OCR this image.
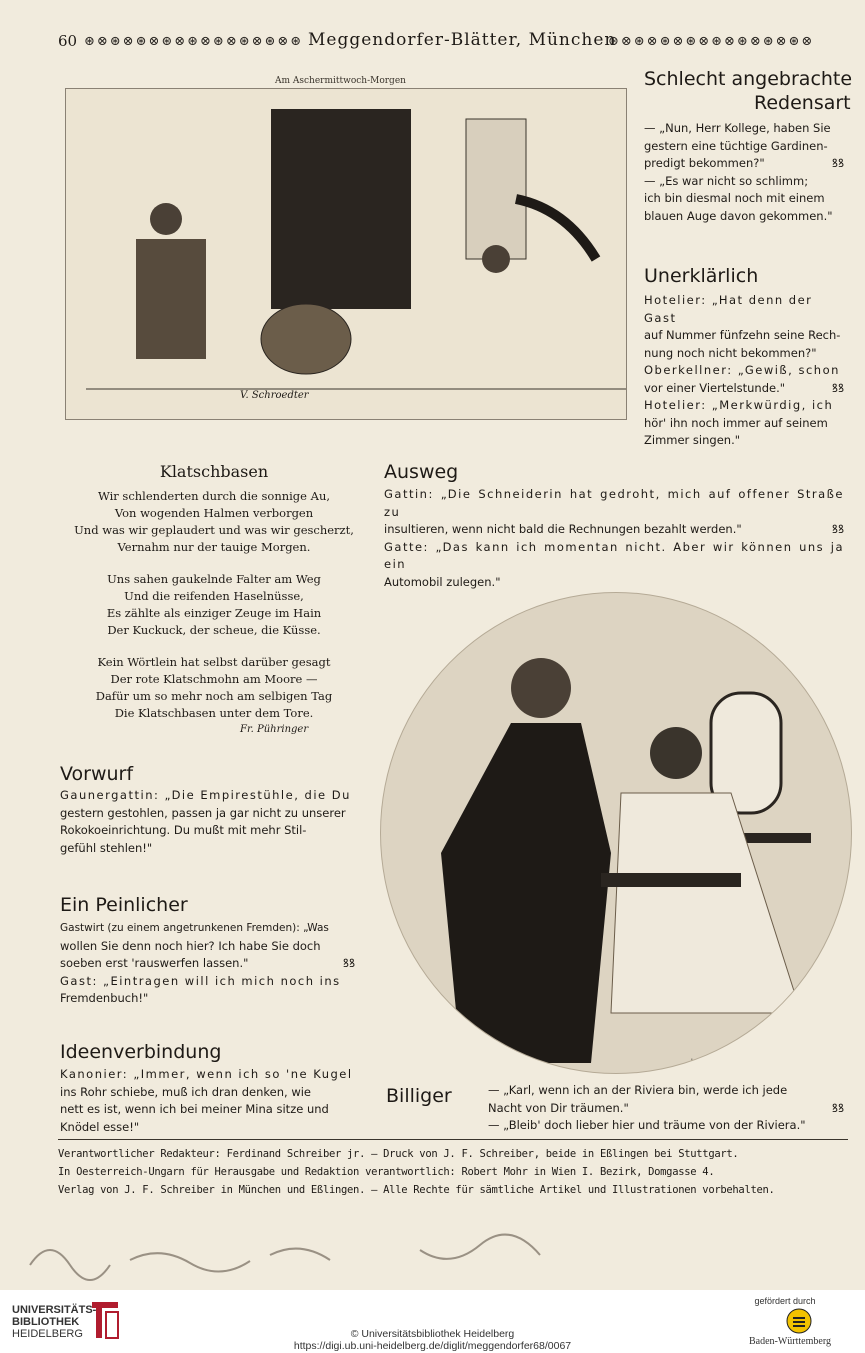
60 ⊛⊗⊛⊗⊛⊗⊛⊗⊛⊗⊛⊗⊛⊗⊛⊗⊛ Meggendorfer-Blätter, München
⊛⊗⊛⊗⊛⊗⊛⊗⊛⊗⊛⊗⊛⊗⊛⊗
Am Aschermittwoch-Morgen
V. Schroedter
Schlecht angebrachte
Redensart
— „Nun, Herr Kollege, haben Sie
gestern eine tüchtige Gardinen-
predigt bekommen?"	ꝸꝸ
— „Es war nicht so schlimm;
ich bin diesmal noch mit einem
blauen Auge davon gekommen."
Unerklärlich
Hotelier: „Hat denn der Gast
auf Nummer fünfzehn seine Rech-
nung noch nicht bekommen?"
Oberkellner: „Gewiß, schon
vor einer Viertelstunde."	ꝸꝸ
Hotelier: „Merkwürdig, ich
hör' ihn noch immer auf seinem
Zimmer singen."
Klatschbasen
Wir schlenderten durch die sonnige Au,
Von wogenden Halmen verborgen
Und was wir geplaudert und was wir gescherzt,
Vernahm nur der tauige Morgen.
Uns sahen gaukelnde Falter am Weg
Und die reifenden Haselnüsse,
Es zählte als einziger Zeuge im Hain
Der Kuckuck, der scheue, die Küsse.
Kein Wörtlein hat selbst darüber gesagt
Der rote Klatschmohn am Moore —
Dafür um so mehr noch am selbigen Tag
Die Klatschbasen unter dem Tore.
Fr. Pühringer
Ausweg
Gattin: „Die Schneiderin hat gedroht, mich auf offener Straße zu
insultieren, wenn nicht bald die Rechnungen bezahlt werden."	ꝸꝸ
Gatte: „Das kann ich momentan nicht. Aber wir können uns ja ein
Automobil zulegen."
J. MUKAROVSKY
Vorwurf
Gaunergattin: „Die Empirestühle, die Du
gestern gestohlen, passen ja gar nicht zu unserer
Rokokoeinrichtung. Du mußt mit mehr Stil-
gefühl stehlen!"
Ein Peinlicher
Gastwirt (zu einem angetrunkenen Fremden): „Was
wollen Sie denn noch hier? Ich habe Sie doch
soeben erst 'rauswerfen lassen."	ꝸꝸ
Gast: „Eintragen will ich mich noch ins
Fremdenbuch!"
Ideenverbindung
Kanonier: „Immer, wenn ich so 'ne Kugel
ins Rohr schiebe, muß ich dran denken, wie
nett es ist, wenn ich bei meiner Mina sitze und
Knödel esse!"
Billiger	— „Karl, wenn ich an der Riviera bin, werde ich jede
Nacht von Dir träumen."	ꝸꝸ
— „Bleib' doch lieber hier und träume von der Riviera."
Verantwortlicher Redakteur: Ferdinand Schreiber jr. — Druck von J. F. Schreiber, beide in Eßlingen bei Stuttgart.
In Oesterreich-Ungarn für Herausgabe und Redaktion verantwortlich: Robert Mohr in Wien I. Bezirk, Domgasse 4.
Verlag von J. F. Schreiber in München und Eßlingen. — Alle Rechte für sämtliche Artikel und Illustrationen vorbehalten.
UNIVERSITÄTS-
BIBLIOTHEK
HEIDELBERG	© Universitätsbibliothek Heidelberg
https://digi.ub.uni-heidelberg.de/diglit/meggendorfer68/0067
gefördert durch
Baden-Württemberg
